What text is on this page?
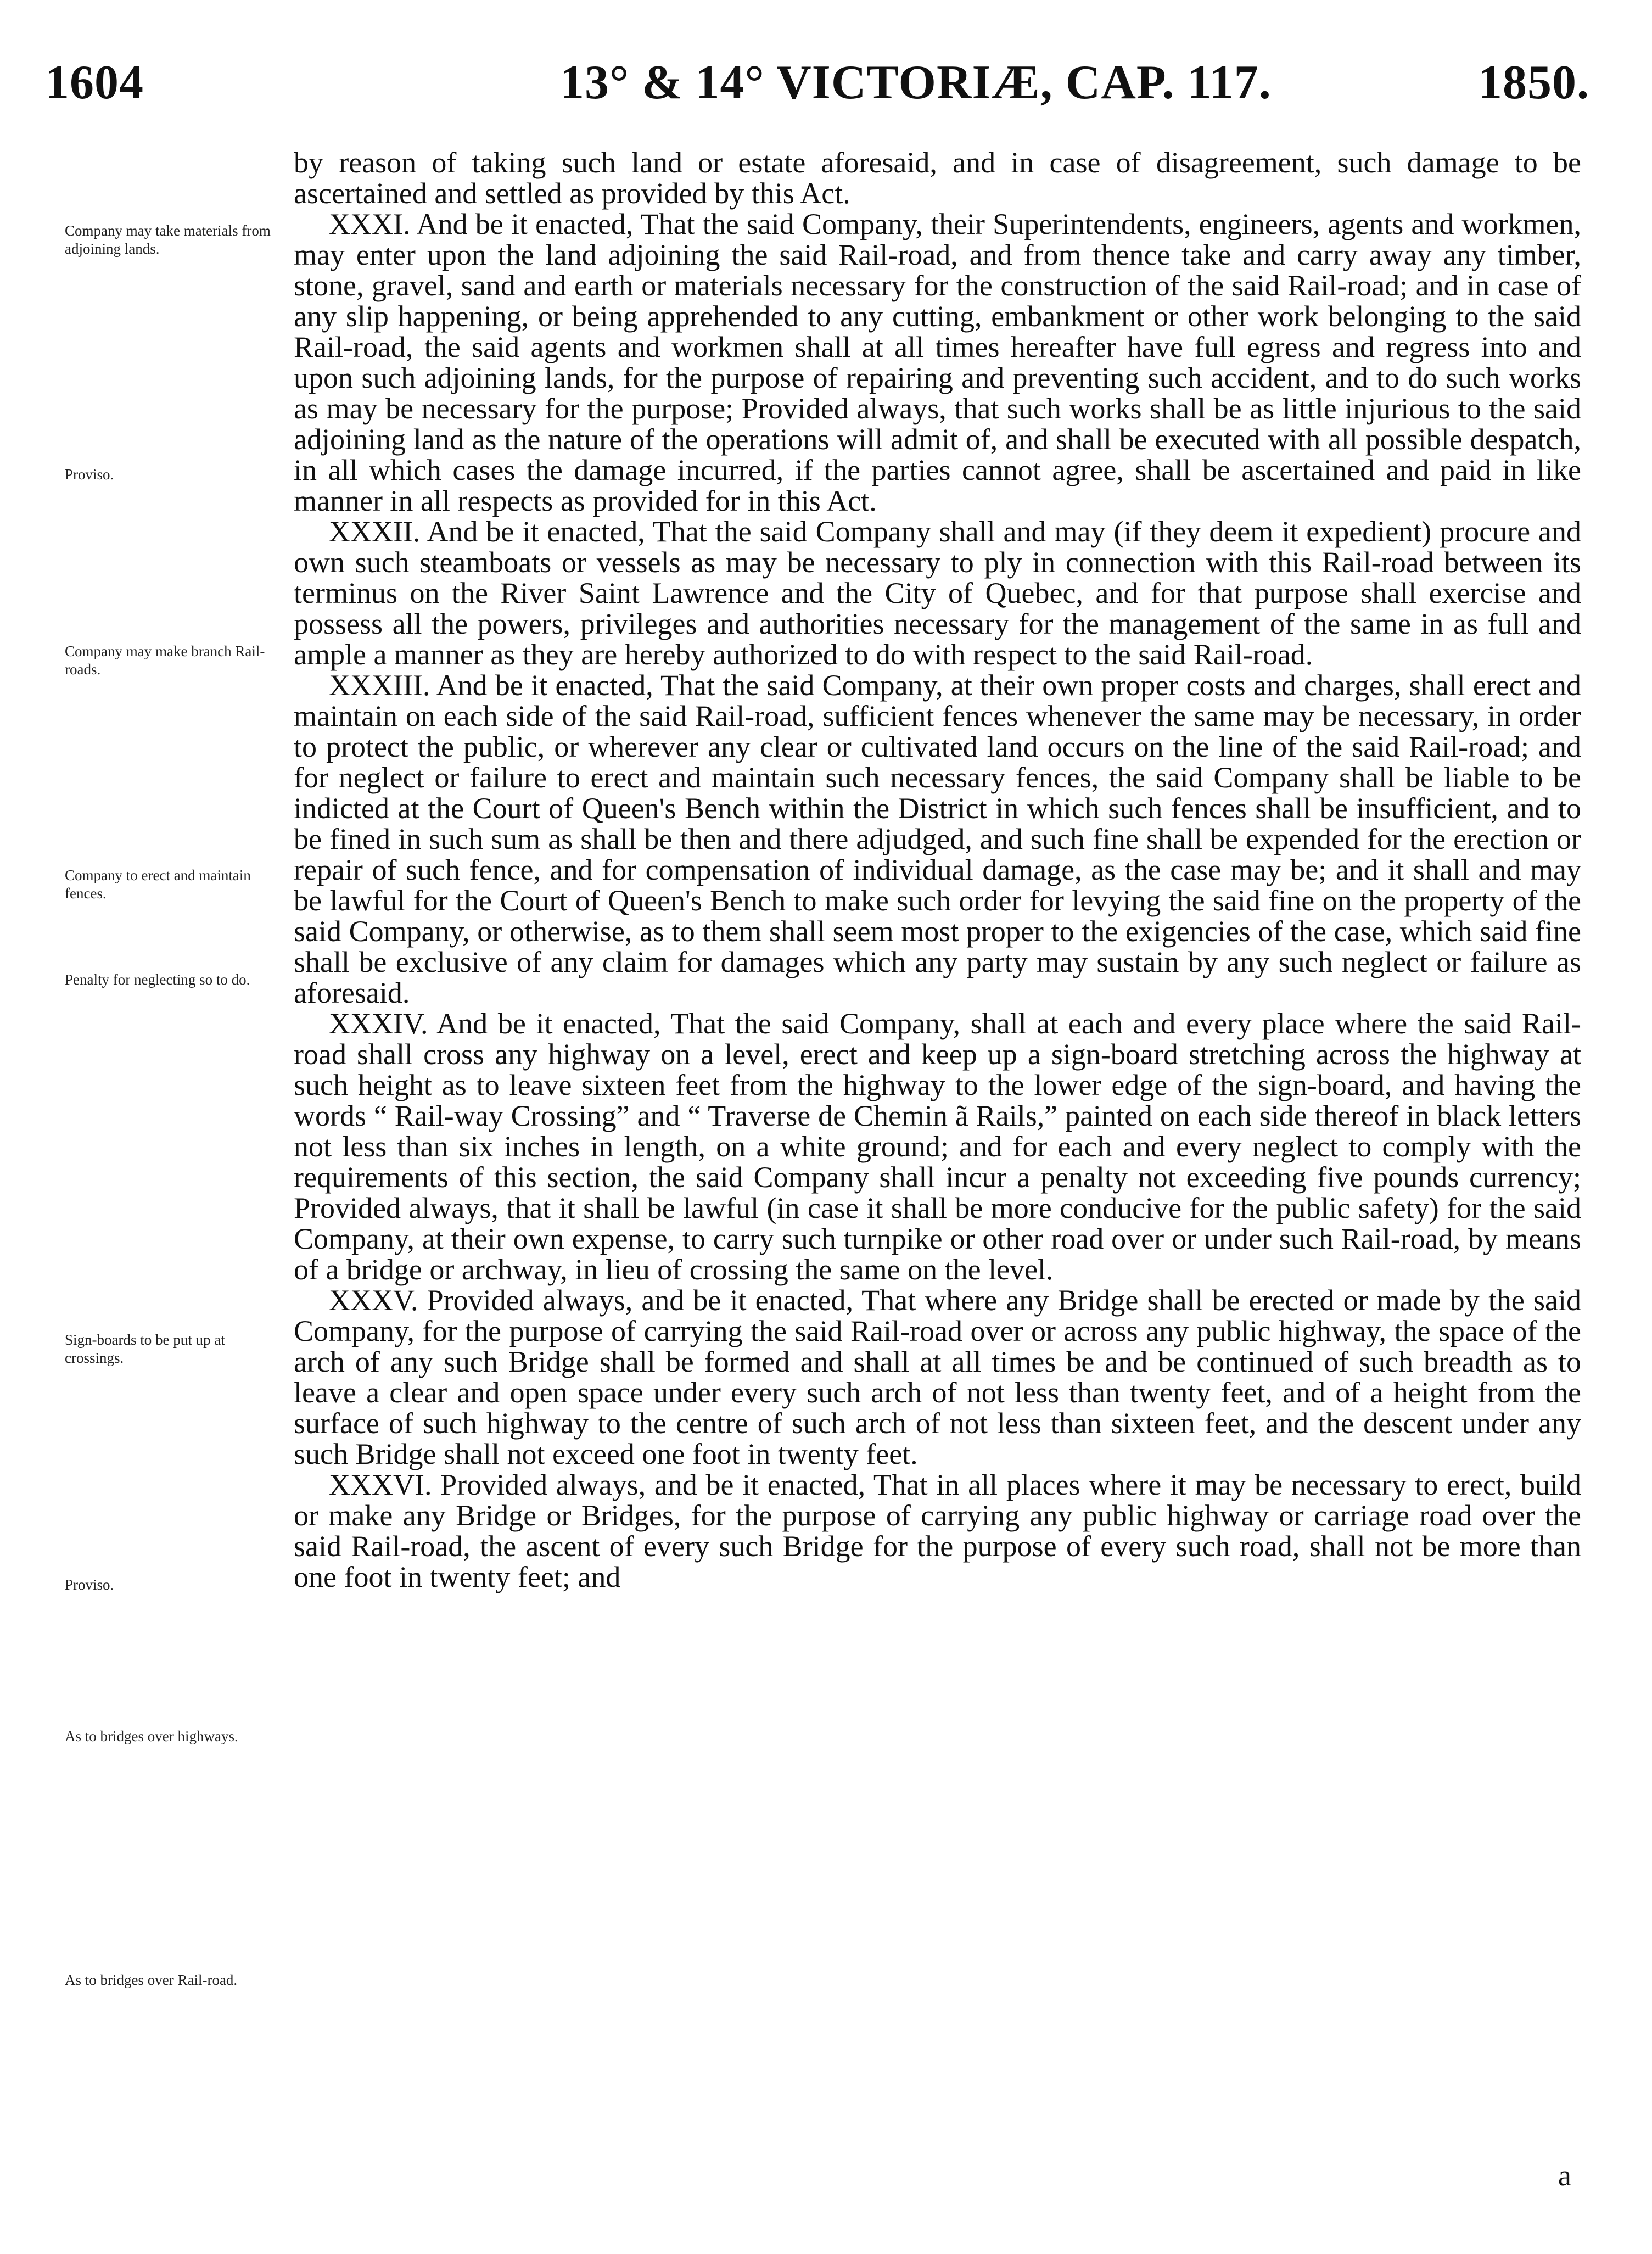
1604	13° & 14° VICTORIÆ, CAP. 117.	1850.
Company may take materials from adjoining lands.
Proviso.
Company may make branch Rail-roads.
Company to erect and maintain fences.
Penalty for neglecting so to do.
Sign-boards to be put up at crossings.
Proviso.
As to bridges over highways.
As to bridges over Rail-road.

by reason of taking such land or estate aforesaid, and in case of disagreement, such damage to be ascertained and settled as provided by this Act.

XXXI. And be it enacted, That the said Company, their Superintendents, engineers, agents and workmen, may enter upon the land adjoining the said Rail-road, and from thence take and carry away any timber, stone, gravel, sand and earth or materials necessary for the construction of the said Rail-road; and in case of any slip happening, or being apprehended to any cutting, embankment or other work belonging to the said Rail-road, the said agents and workmen shall at all times hereafter have full egress and regress into and upon such adjoining lands, for the purpose of repairing and preventing such accident, and to do such works as may be necessary for the purpose; Provided always, that such works shall be as little injurious to the said adjoining land as the nature of the operations will admit of, and shall be executed with all possible despatch, in all which cases the damage incurred, if the parties cannot agree, shall be ascertained and paid in like manner in all respects as provided for in this Act.

XXXII. And be it enacted, That the said Company shall and may (if they deem it expedient) procure and own such steamboats or vessels as may be necessary to ply in connection with this Rail-road between its terminus on the River Saint Lawrence and the City of Quebec, and for that purpose shall exercise and possess all the powers, privileges and authorities necessary for the management of the same in as full and ample a manner as they are hereby authorized to do with respect to the said Rail-road.

XXXIII. And be it enacted, That the said Company, at their own proper costs and charges, shall erect and maintain on each side of the said Rail-road, sufficient fences whenever the same may be necessary, in order to protect the public, or wherever any clear or cultivated land occurs on the line of the said Rail-road; and for neglect or failure to erect and maintain such necessary fences, the said Company shall be liable to be indicted at the Court of Queen's Bench within the District in which such fences shall be insufficient, and to be fined in such sum as shall be then and there adjudged, and such fine shall be expended for the erection or repair of such fence, and for compensation of individual damage, as the case may be; and it shall and may be lawful for the Court of Queen's Bench to make such order for levying the said fine on the property of the said Company, or otherwise, as to them shall seem most proper to the exigencies of the case, which said fine shall be exclusive of any claim for damages which any party may sustain by any such neglect or failure as aforesaid.

XXXIV. And be it enacted, That the said Company, shall at each and every place where the said Rail-road shall cross any highway on a level, erect and keep up a sign-board stretching across the highway at such height as to leave sixteen feet from the highway to the lower edge of the sign-board, and having the words “ Rail-way Crossing” and “ Traverse de Chemin ã Rails,” painted on each side thereof in black letters not less than six inches in length, on a white ground; and for each and every neglect to comply with the requirements of this section, the said Company shall incur a penalty not exceeding five pounds currency; Provided always, that it shall be lawful (in case it shall be more conducive for the public safety) for the said Company, at their own expense, to carry such turnpike or other road over or under such Rail-road, by means of a bridge or archway, in lieu of crossing the same on the level.

XXXV. Provided always, and be it enacted, That where any Bridge shall be erected or made by the said Company, for the purpose of carrying the said Rail-road over or across any public highway, the space of the arch of any such Bridge shall be formed and shall at all times be and be continued of such breadth as to leave a clear and open space under every such arch of not less than twenty feet, and of a height from the surface of such highway to the centre of such arch of not less than sixteen feet, and the descent under any such Bridge shall not exceed one foot in twenty feet.

XXXVI. Provided always, and be it enacted, That in all places where it may be necessary to erect, build or make any Bridge or Bridges, for the purpose of carrying any public highway or carriage road over the said Rail-road, the ascent of every such Bridge for the purpose of every such road, shall not be more than one foot in twenty feet; and

a
